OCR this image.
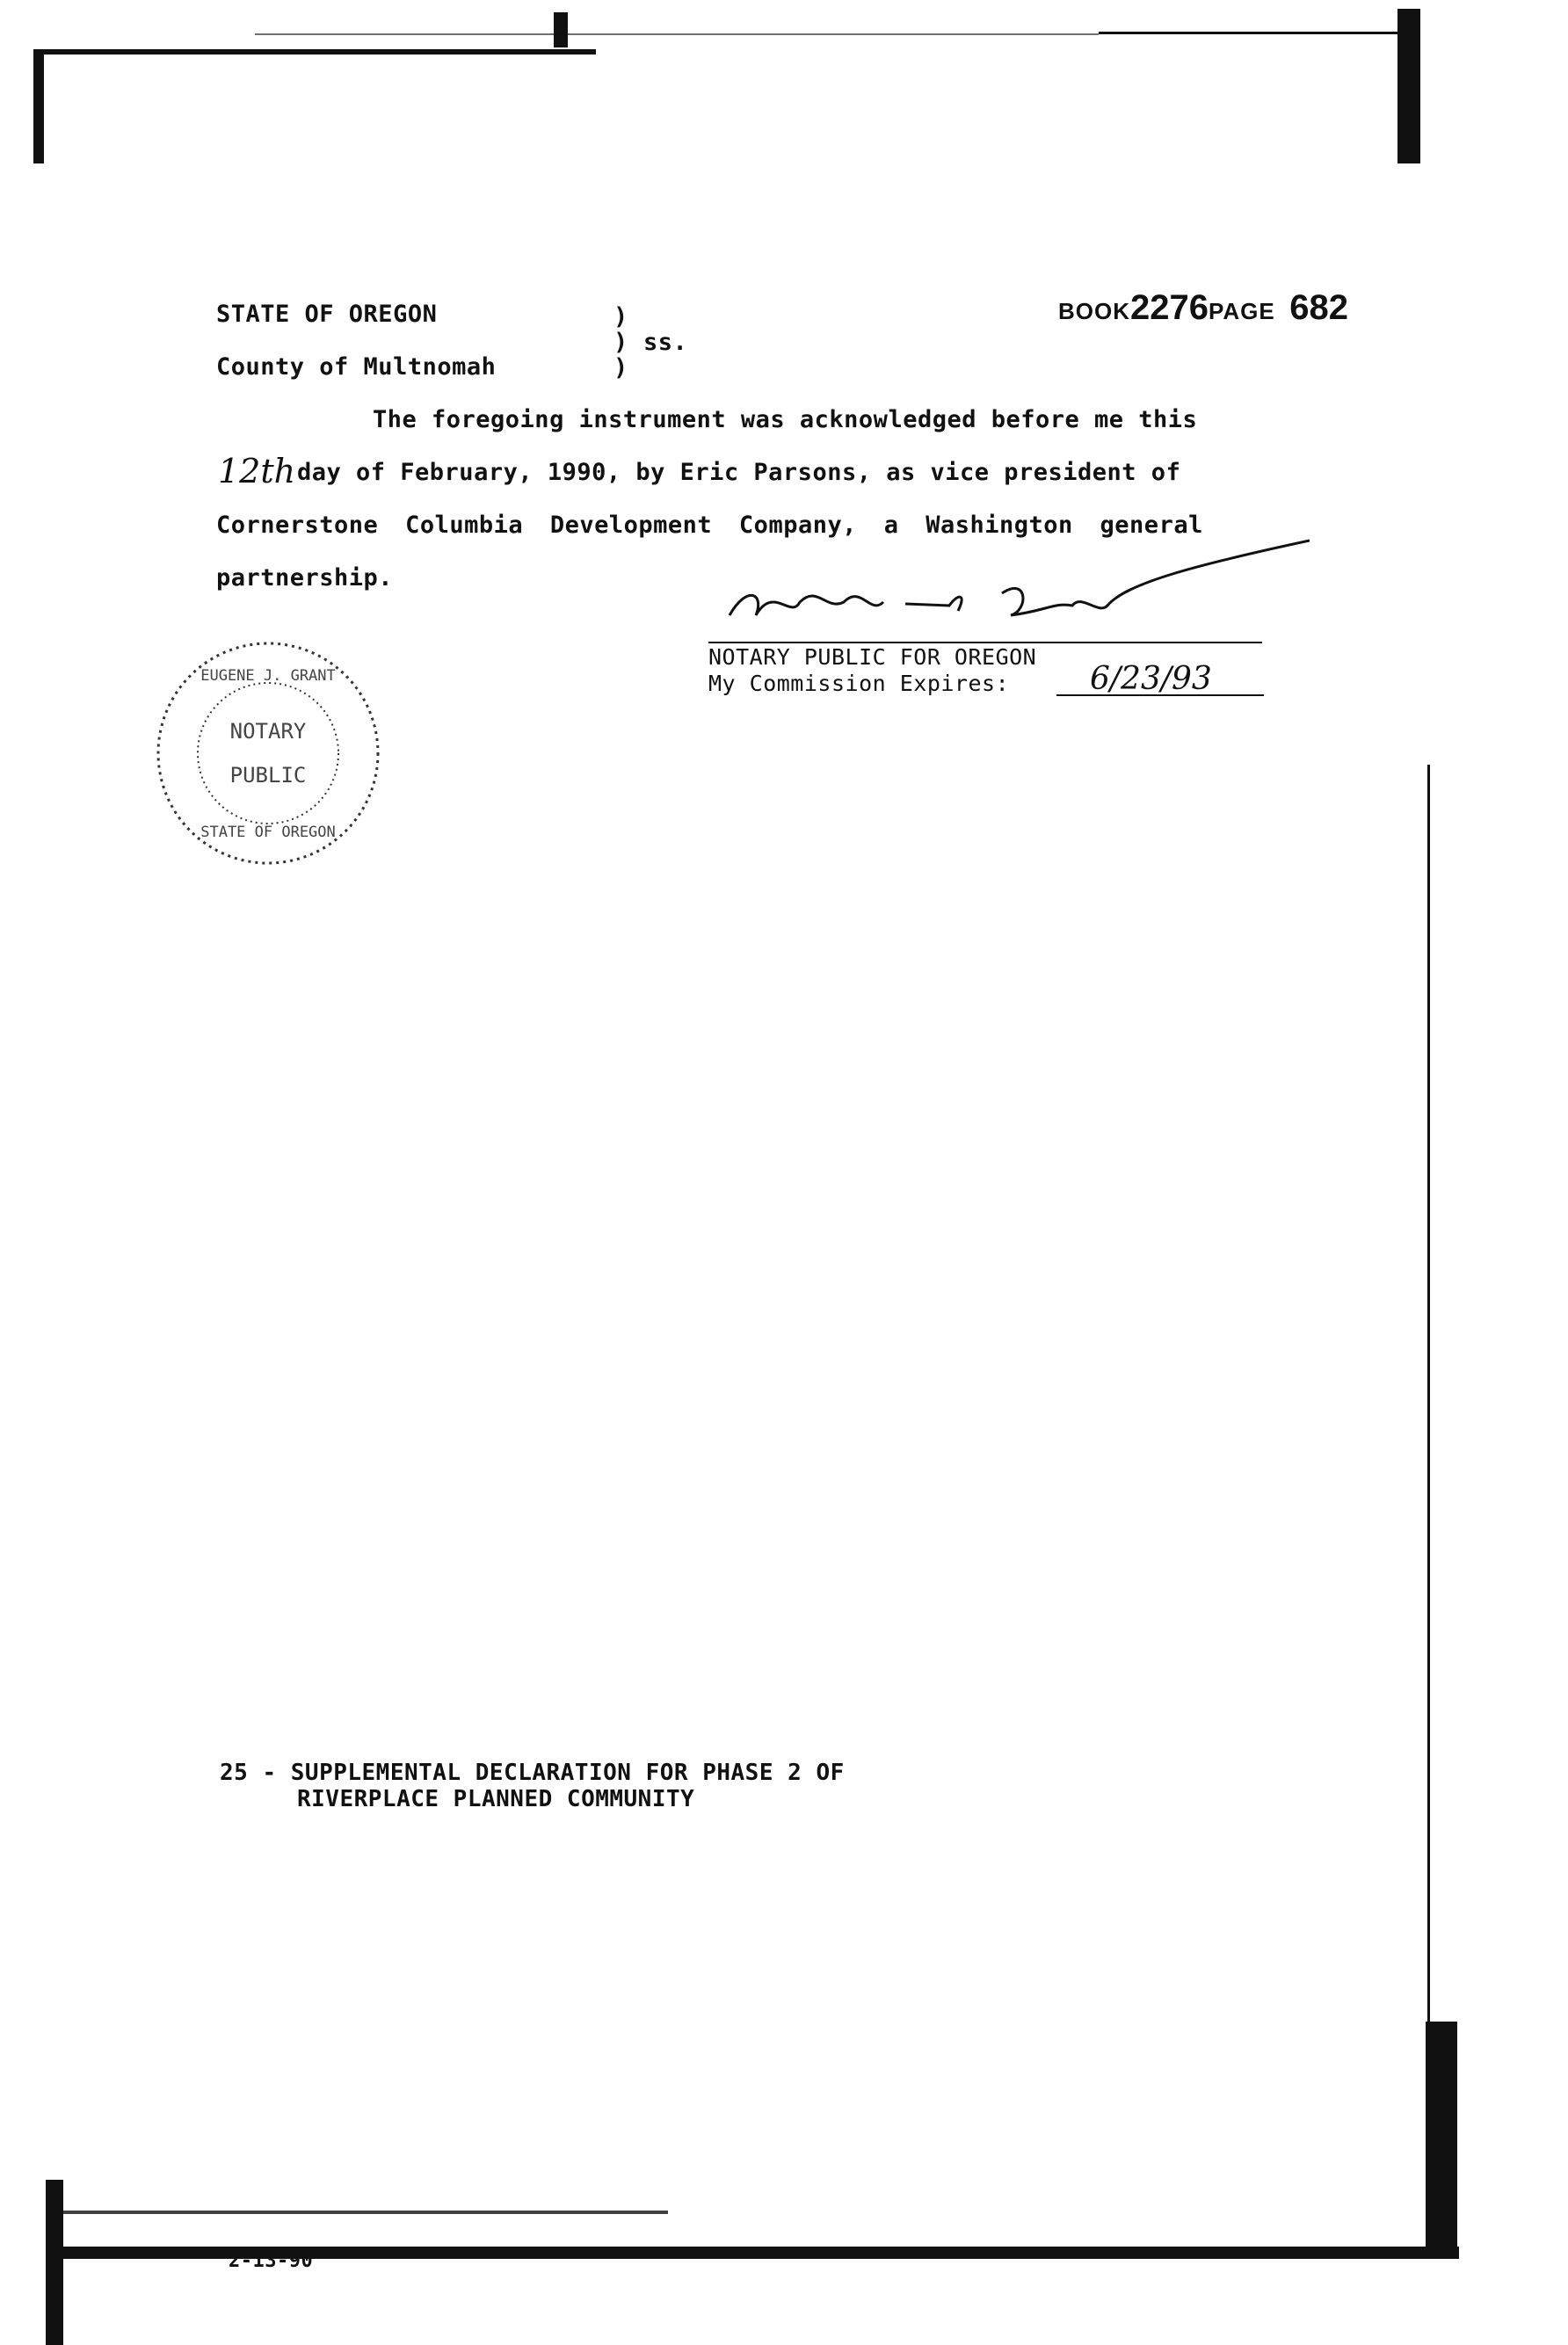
STATE OF OREGON
County of Multnomah
)
)
)
ss.
BOOK2276PAGE 682
The foregoing instrument was acknowledged before me this
12th day of February, 1990, by Eric Parsons, as vice president of
Cornerstone Columbia Development Company, a Washington general
partnership.
NOTARY PUBLIC FOR OREGON
My Commission Expires:	6/23/93
EUGENE J. GRANT
NOTARY
PUBLIC
STATE OF OREGON
25 - SUPPLEMENTAL DECLARATION FOR PHASE 2 OF
RIVERPLACE PLANNED COMMUNITY
2-13-90
